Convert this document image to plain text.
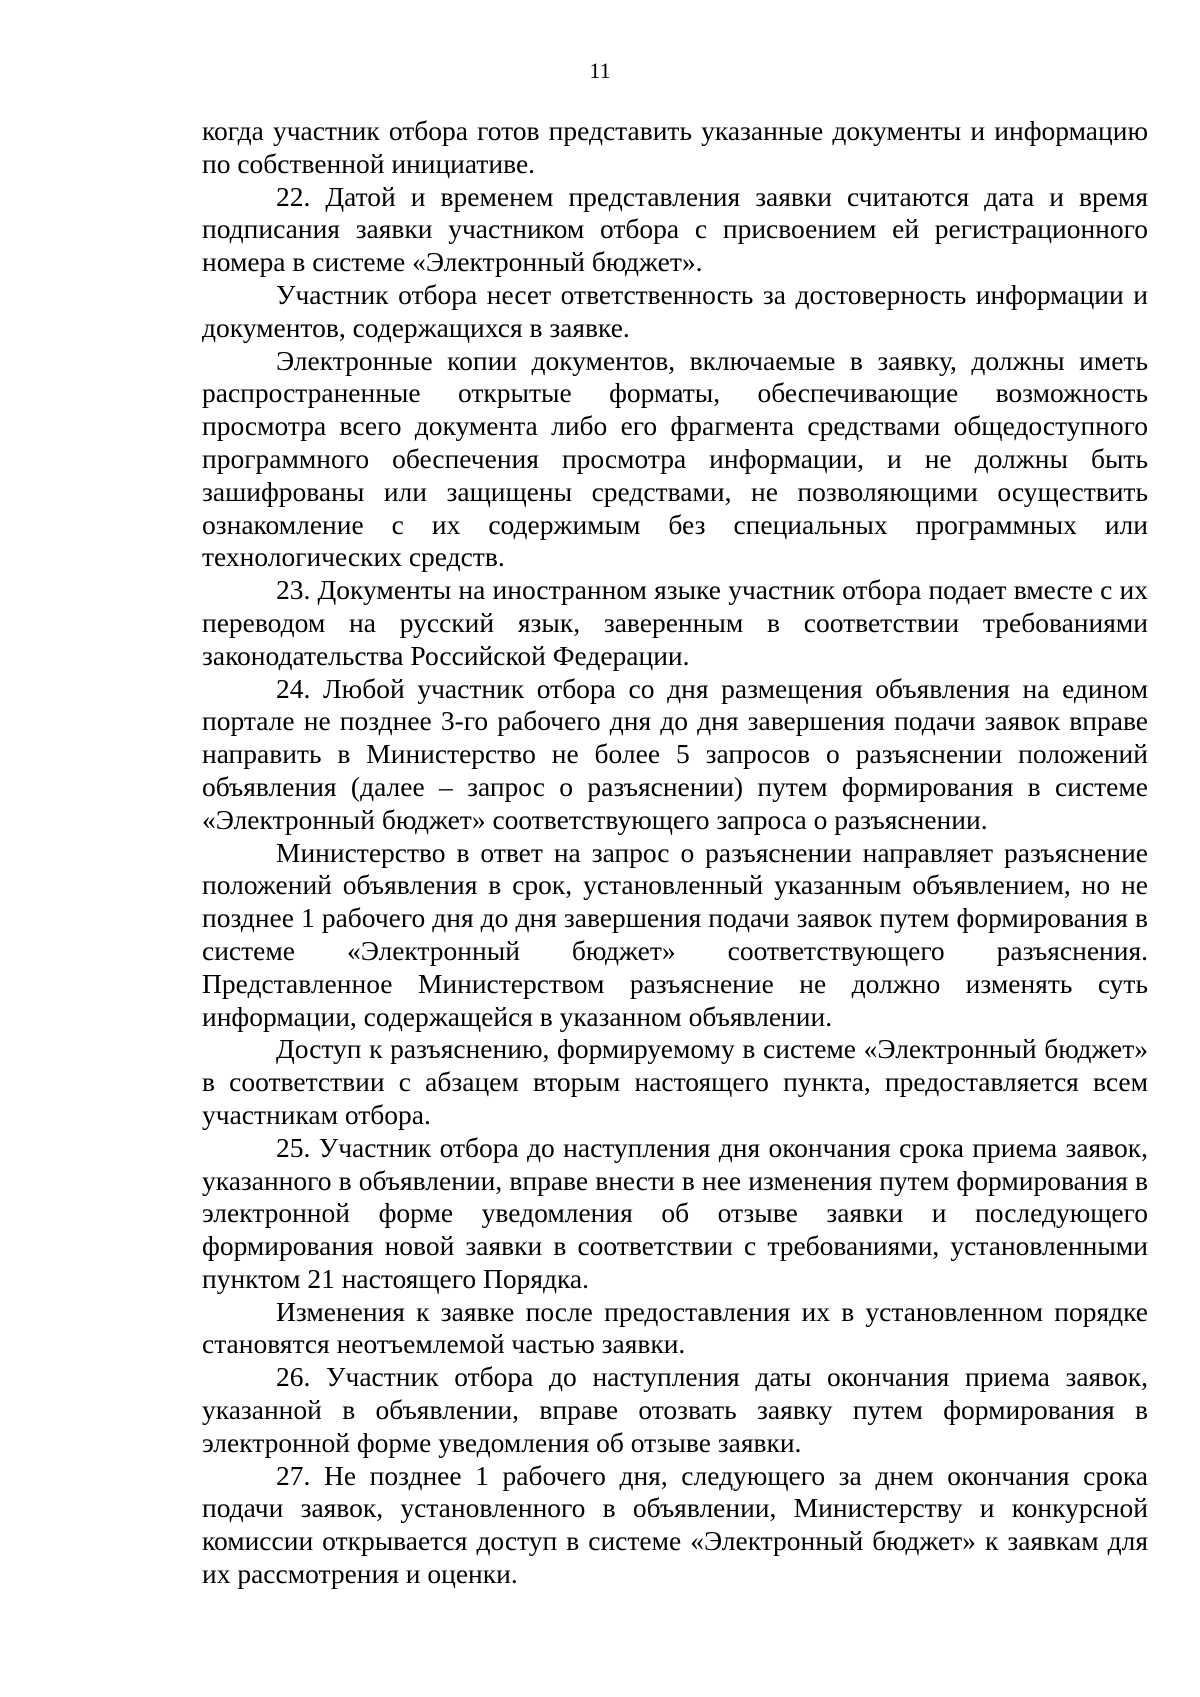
11

когда участник отбора готов представить указанные документы и информацию по собственной инициативе.

22. Датой и временем представления заявки считаются дата и время подписания заявки участником отбора с присвоением ей регистрационного номера в системе «Электронный бюджет».

Участник отбора несет ответственность за достоверность информации и документов, содержащихся в заявке.

Электронные копии документов, включаемые в заявку, должны иметь распространенные открытые форматы, обеспечивающие возможность просмотра всего документа либо его фрагмента средствами общедоступного программного обеспечения просмотра информации, и не должны быть зашифрованы или защищены средствами, не позволяющими осуществить ознакомление с их содержимым без специальных программных или технологических средств.

23. Документы на иностранном языке участник отбора подает вместе с их переводом на русский язык, заверенным в соответствии требованиями законодательства Российской Федерации.

24. Любой участник отбора со дня размещения объявления на едином портале не позднее 3-го рабочего дня до дня завершения подачи заявок вправе направить в Министерство не более 5 запросов о разъяснении положений объявления (далее – запрос о разъяснении) путем формирования в системе «Электронный бюджет» соответствующего запроса о разъяснении.

Министерство в ответ на запрос о разъяснении направляет разъяснение положений объявления в срок, установленный указанным объявлением, но не позднее 1 рабочего дня до дня завершения подачи заявок путем формирования в системе «Электронный бюджет» соответствующего разъяснения. Представленное Министерством разъяснение не должно изменять суть информации, содержащейся в указанном объявлении.

Доступ к разъяснению, формируемому в системе «Электронный бюджет» в соответствии с абзацем вторым настоящего пункта, предоставляется всем участникам отбора.

25. Участник отбора до наступления дня окончания срока приема заявок, указанного в объявлении, вправе внести в нее изменения путем формирования в электронной форме уведомления об отзыве заявки и последующего формирования новой заявки в соответствии с требованиями, установленными пунктом 21 настоящего Порядка.

Изменения к заявке после предоставления их в установленном порядке становятся неотъемлемой частью заявки.

26. Участник отбора до наступления даты окончания приема заявок, указанной в объявлении, вправе отозвать заявку путем формирования в электронной форме уведомления об отзыве заявки.

27. Не позднее 1 рабочего дня, следующего за днем окончания срока подачи заявок, установленного в объявлении, Министерству и конкурсной комиссии открывается доступ в системе «Электронный бюджет» к заявкам для их рассмотрения и оценки.
